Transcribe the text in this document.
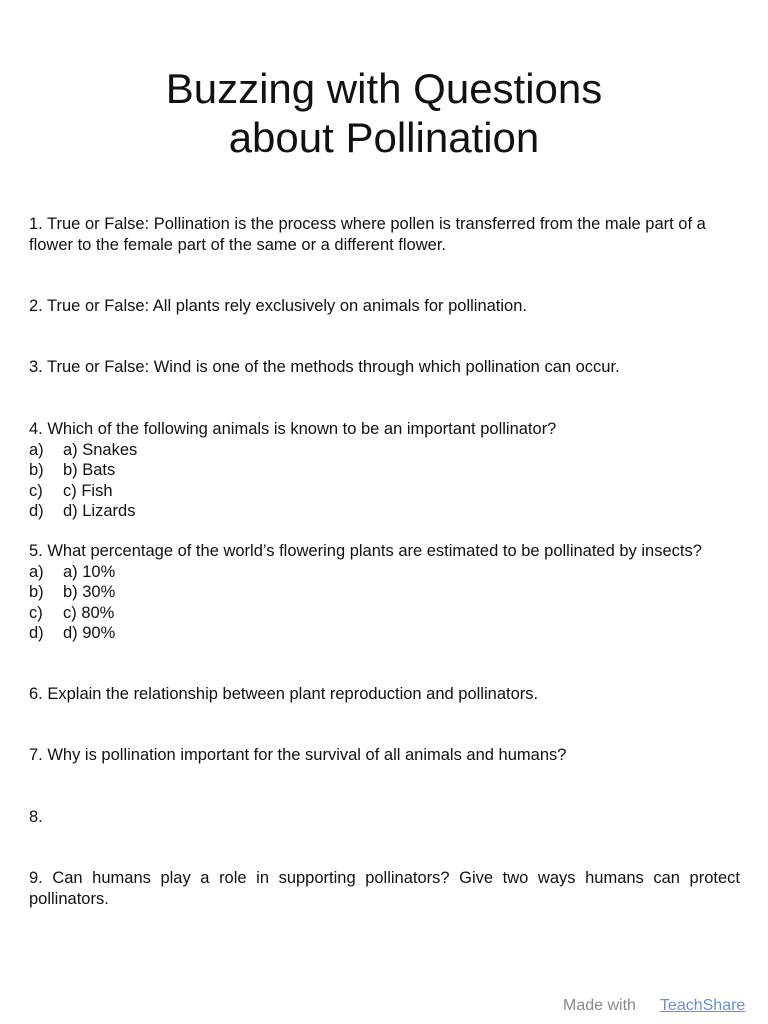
Buzzing with Questions
about Pollination

1. True or False: Pollination is the process where pollen is transferred from the male part of a flower to the female part of the same or a different flower.

2. True or False: All plants rely exclusively on animals for pollination.

3. True or False: Wind is one of the methods through which pollination can occur.

4. Which of the following animals is known to be an important pollinator?

a) a) Snakes
b) b) Bats
c) c) Fish
d) d) Lizards

5. What percentage of the world’s flowering plants are estimated to be pollinated by insects?

a) a) 10%
b) b) 30%
c) c) 80%
d) d) 90%

6. Explain the relationship between plant reproduction and pollinators.

7. Why is pollination important for the survival of all animals and humans?

8.

9. Can humans play a role in supporting pollinators? Give two ways humans can protect pollinators.

Made with TeachShare
